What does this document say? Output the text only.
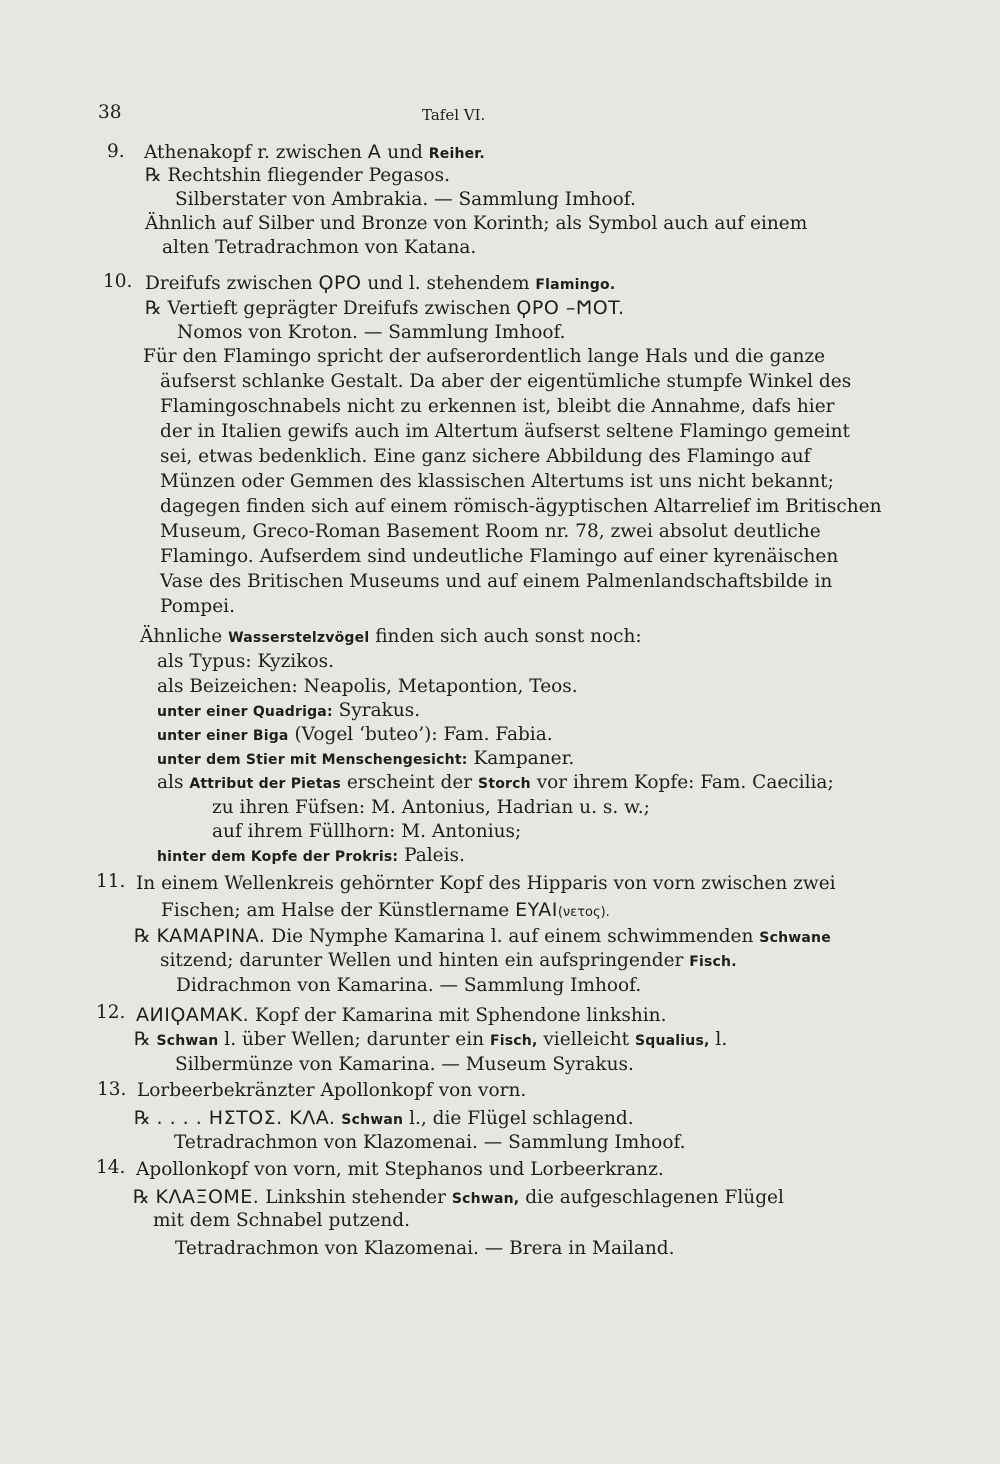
38	Tafel VI.
9. Athenakopf r. zwischen A und Reiher.
℞ Rechtshin fliegender Pegasos.
Silberstater von Ambrakia. — Sammlung Imhoof.
Ähnlich auf Silber und Bronze von Korinth; als Symbol auch auf einem
alten Tetradrachmon von Katana.
10. Dreifufs zwischen ϘPO und l. stehendem Flamingo.
℞ Vertieft geprägter Dreifufs zwischen ϘPO –ϺOT.
Nomos von Kroton. — Sammlung Imhoof.
Für den Flamingo spricht der aufserordentlich lange Hals und die ganze
äufserst schlanke Gestalt. Da aber der eigentümliche stumpfe Winkel des
Flamingoschnabels nicht zu erkennen ist, bleibt die Annahme, dafs hier
der in Italien gewifs auch im Altertum äufserst seltene Flamingo gemeint
sei, etwas bedenklich. Eine ganz sichere Abbildung des Flamingo auf
Münzen oder Gemmen des klassischen Altertums ist uns nicht bekannt;
dagegen finden sich auf einem römisch-ägyptischen Altarrelief im Britischen
Museum, Greco-Roman Basement Room nr. 78, zwei absolut deutliche
Flamingo. Aufserdem sind undeutliche Flamingo auf einer kyrenäischen
Vase des Britischen Museums und auf einem Palmenlandschaftsbilde in
Pompei.
Ähnliche Wasserstelzvögel finden sich auch sonst noch:
als Typus: Kyzikos.
als Beizeichen: Neapolis, Metapontion, Teos.
unter einer Quadriga: Syrakus.
unter einer Biga (Vogel ‘buteo’): Fam. Fabia.
unter dem Stier mit Menschengesicht: Kampaner.
als Attribut der Pietas erscheint der Storch vor ihrem Kopfe: Fam. Caecilia;
zu ihren Füfsen: M. Antonius, Hadrian u. s. w.;
auf ihrem Füllhorn: M. Antonius;
hinter dem Kopfe der Prokris: Paleis.
11. In einem Wellenkreis gehörnter Kopf des Hipparis von vorn zwischen zwei
Fischen; am Halse der Künstlername EYAI(νετος).
℞ KAMAPINA. Die Nymphe Kamarina l. auf einem schwimmenden Schwane
sitzend; darunter Wellen und hinten ein aufspringender Fisch.
Didrachmon von Kamarina. — Sammlung Imhoof.
12. AИIϘAMAK. Kopf der Kamarina mit Sphendone linkshin.
℞ Schwan l. über Wellen; darunter ein Fisch, vielleicht Squalius, l.
Silbermünze von Kamarina. — Museum Syrakus.
13. Lorbeerbekränzter Apollonkopf von vorn.
℞ . . . . HΣTOΣ. KΛA. Schwan l., die Flügel schlagend.
Tetradrachmon von Klazomenai. — Sammlung Imhoof.
14. Apollonkopf von vorn, mit Stephanos und Lorbeerkranz.
℞ KΛAΞOME. Linkshin stehender Schwan, die aufgeschlagenen Flügel
mit dem Schnabel putzend.
Tetradrachmon von Klazomenai. — Brera in Mailand.
